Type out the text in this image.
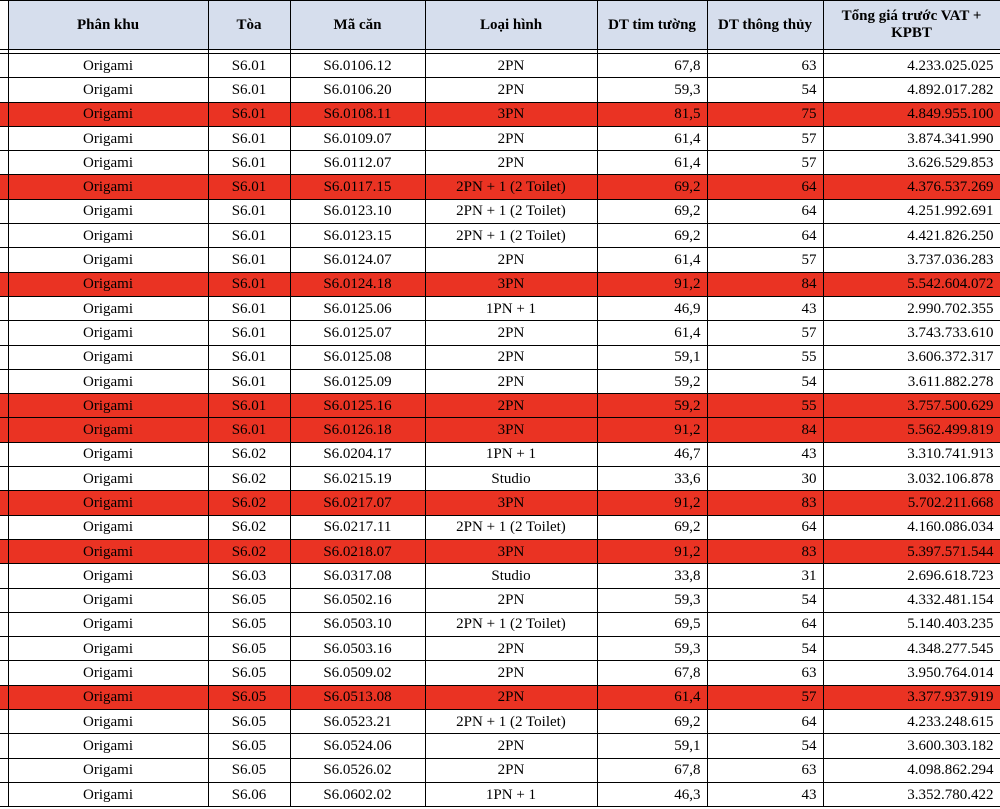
	Phân khu	Tòa	Mã căn	Loại hình	DT tim tường	DT thông thủy	Tổng giá trước VAT + KPBT

	Origami	S6.01	S6.0106.12	2PN	67,8	63	4.233.025.025
	Origami	S6.01	S6.0106.20	2PN	59,3	54	4.892.017.282
	Origami	S6.01	S6.0108.11	3PN	81,5	75	4.849.955.100
	Origami	S6.01	S6.0109.07	2PN	61,4	57	3.874.341.990
	Origami	S6.01	S6.0112.07	2PN	61,4	57	3.626.529.853
	Origami	S6.01	S6.0117.15	2PN + 1 (2 Toilet)	69,2	64	4.376.537.269
	Origami	S6.01	S6.0123.10	2PN + 1 (2 Toilet)	69,2	64	4.251.992.691
	Origami	S6.01	S6.0123.15	2PN + 1 (2 Toilet)	69,2	64	4.421.826.250
	Origami	S6.01	S6.0124.07	2PN	61,4	57	3.737.036.283
	Origami	S6.01	S6.0124.18	3PN	91,2	84	5.542.604.072
	Origami	S6.01	S6.0125.06	1PN + 1	46,9	43	2.990.702.355
	Origami	S6.01	S6.0125.07	2PN	61,4	57	3.743.733.610
	Origami	S6.01	S6.0125.08	2PN	59,1	55	3.606.372.317
	Origami	S6.01	S6.0125.09	2PN	59,2	54	3.611.882.278
	Origami	S6.01	S6.0125.16	2PN	59,2	55	3.757.500.629
	Origami	S6.01	S6.0126.18	3PN	91,2	84	5.562.499.819
	Origami	S6.02	S6.0204.17	1PN + 1	46,7	43	3.310.741.913
	Origami	S6.02	S6.0215.19	Studio	33,6	30	3.032.106.878
	Origami	S6.02	S6.0217.07	3PN	91,2	83	5.702.211.668
	Origami	S6.02	S6.0217.11	2PN + 1 (2 Toilet)	69,2	64	4.160.086.034
	Origami	S6.02	S6.0218.07	3PN	91,2	83	5.397.571.544
	Origami	S6.03	S6.0317.08	Studio	33,8	31	2.696.618.723
	Origami	S6.05	S6.0502.16	2PN	59,3	54	4.332.481.154
	Origami	S6.05	S6.0503.10	2PN + 1 (2 Toilet)	69,5	64	5.140.403.235
	Origami	S6.05	S6.0503.16	2PN	59,3	54	4.348.277.545
	Origami	S6.05	S6.0509.02	2PN	67,8	63	3.950.764.014
	Origami	S6.05	S6.0513.08	2PN	61,4	57	3.377.937.919
	Origami	S6.05	S6.0523.21	2PN + 1 (2 Toilet)	69,2	64	4.233.248.615
	Origami	S6.05	S6.0524.06	2PN	59,1	54	3.600.303.182
	Origami	S6.05	S6.0526.02	2PN	67,8	63	4.098.862.294
	Origami	S6.06	S6.0602.02	1PN + 1	46,3	43	3.352.780.422
